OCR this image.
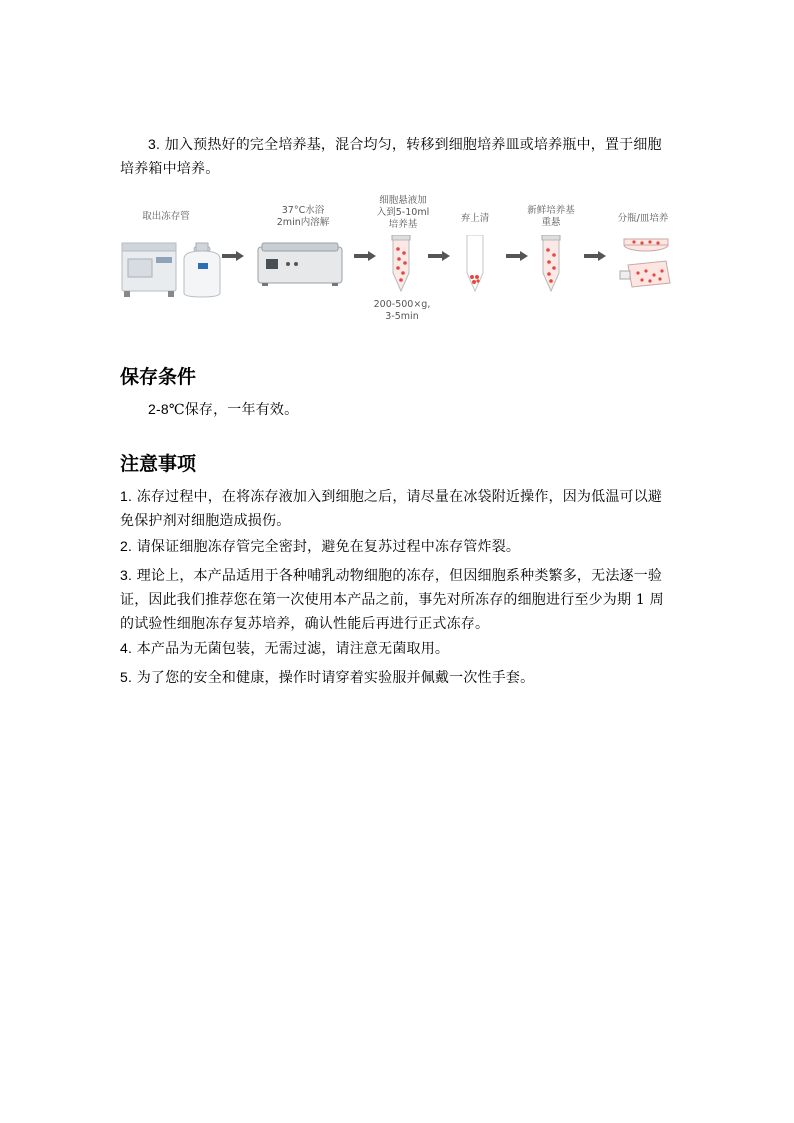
3. 加入预热好的完全培养基，混合均匀，转移到细胞培养皿或培养瓶中，置于细胞培养箱中培养。

取出冻存管
37°C水浴
2min内溶解
细胞悬液加
入到5-10ml
培养基
200-500×g,
3-5min
弃上清
新鲜培养基
重悬	分瓶/皿培养
保存条件

2-8℃保存，一年有效。

注意事项

1. 冻存过程中，在将冻存液加入到细胞之后，请尽量在冰袋附近操作，因为低温可以避免保护剂对细胞造成损伤。

2. 请保证细胞冻存管完全密封，避免在复苏过程中冻存管炸裂。

3. 理论上，本产品适用于各种哺乳动物细胞的冻存，但因细胞系种类繁多，无法逐一验证，因此我们推荐您在第一次使用本产品之前，事先对所冻存的细胞进行至少为期 1 周的试验性细胞冻存复苏培养，确认性能后再进行正式冻存。

4. 本产品为无菌包装，无需过滤，请注意无菌取用。

5. 为了您的安全和健康，操作时请穿着实验服并佩戴一次性手套。
